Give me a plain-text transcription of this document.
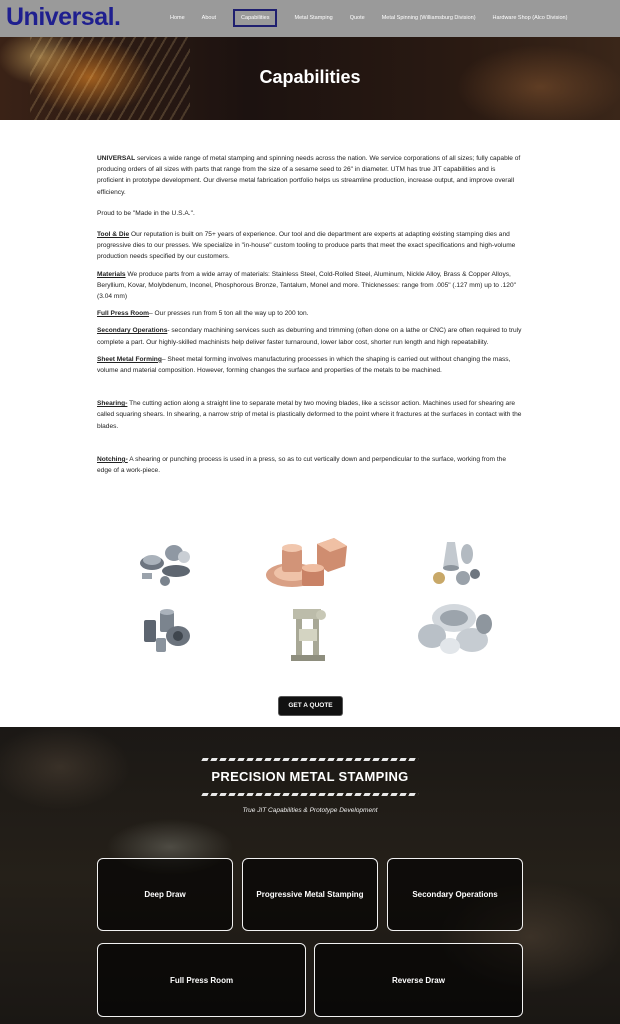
Universal.	Home	About	Capabilities	Metal Stamping	Quote	Metal Spinning (Williamsburg Division)	Hardware Shop (Alco Division)
Capabilities

UNIVERSAL services a wide range of metal stamping and spinning needs across the nation. We service corporations of all sizes; fully capable of producing orders of all sizes with parts that range from the size of a sesame seed to 26" in diameter. UTM has true JIT capabilities and is proficient in prototype development. Our diverse metal fabrication portfolio helps us streamline production, increase output, and improve overall efficiency.

Proud to be "Made in the U.S.A.".

Tool & Die Our reputation is built on 75+ years of experience. Our tool and die department are experts at adapting existing stamping dies and progressive dies to our presses. We specialize in "in-house" custom tooling to produce parts that meet the exact specifications and high-volume production needs specified by our customers.

Materials We produce parts from a wide array of materials: Stainless Steel, Cold-Rolled Steel, Aluminum, Nickle Alloy, Brass & Copper Alloys, Beryllium, Kovar, Molybdenum, Inconel, Phosphorous Bronze, Tantalum, Monel and more. Thicknesses: range from .005" (.127 mm) up to .120" (3.04 mm)

Full Press Room– Our presses run from 5 ton all the way up to 200 ton.

Secondary Operations- secondary machining services such as deburring and trimming (often done on a lathe or CNC) are often required to truly complete a part. Our highly-skilled machinists help deliver faster turnaround, lower labor cost, shorter run length and high repeatability.

Sheet Metal Forming– Sheet metal forming involves manufacturing processes in which the shaping is carried out without changing the mass, volume and material composition. However, forming changes the surface and properties of the metals to be machined.

Shearing- The cutting action along a straight line to separate metal by two moving blades, like a scissor action. Machines used for shearing are called squaring shears. In shearing, a narrow strip of metal is plastically deformed to the point where it fractures at the surfaces in contact with the blades.

Notching- A shearing or punching process is used in a press, so as to cut vertically down and perpendicular to the surface, working from the edge of a work-piece.

GET A QUOTE
PRECISION METAL STAMPING
True JIT Capabilities & Prototype Development
Deep Draw	Progressive Metal Stamping	Secondary Operations
Full Press Room	Reverse Draw
